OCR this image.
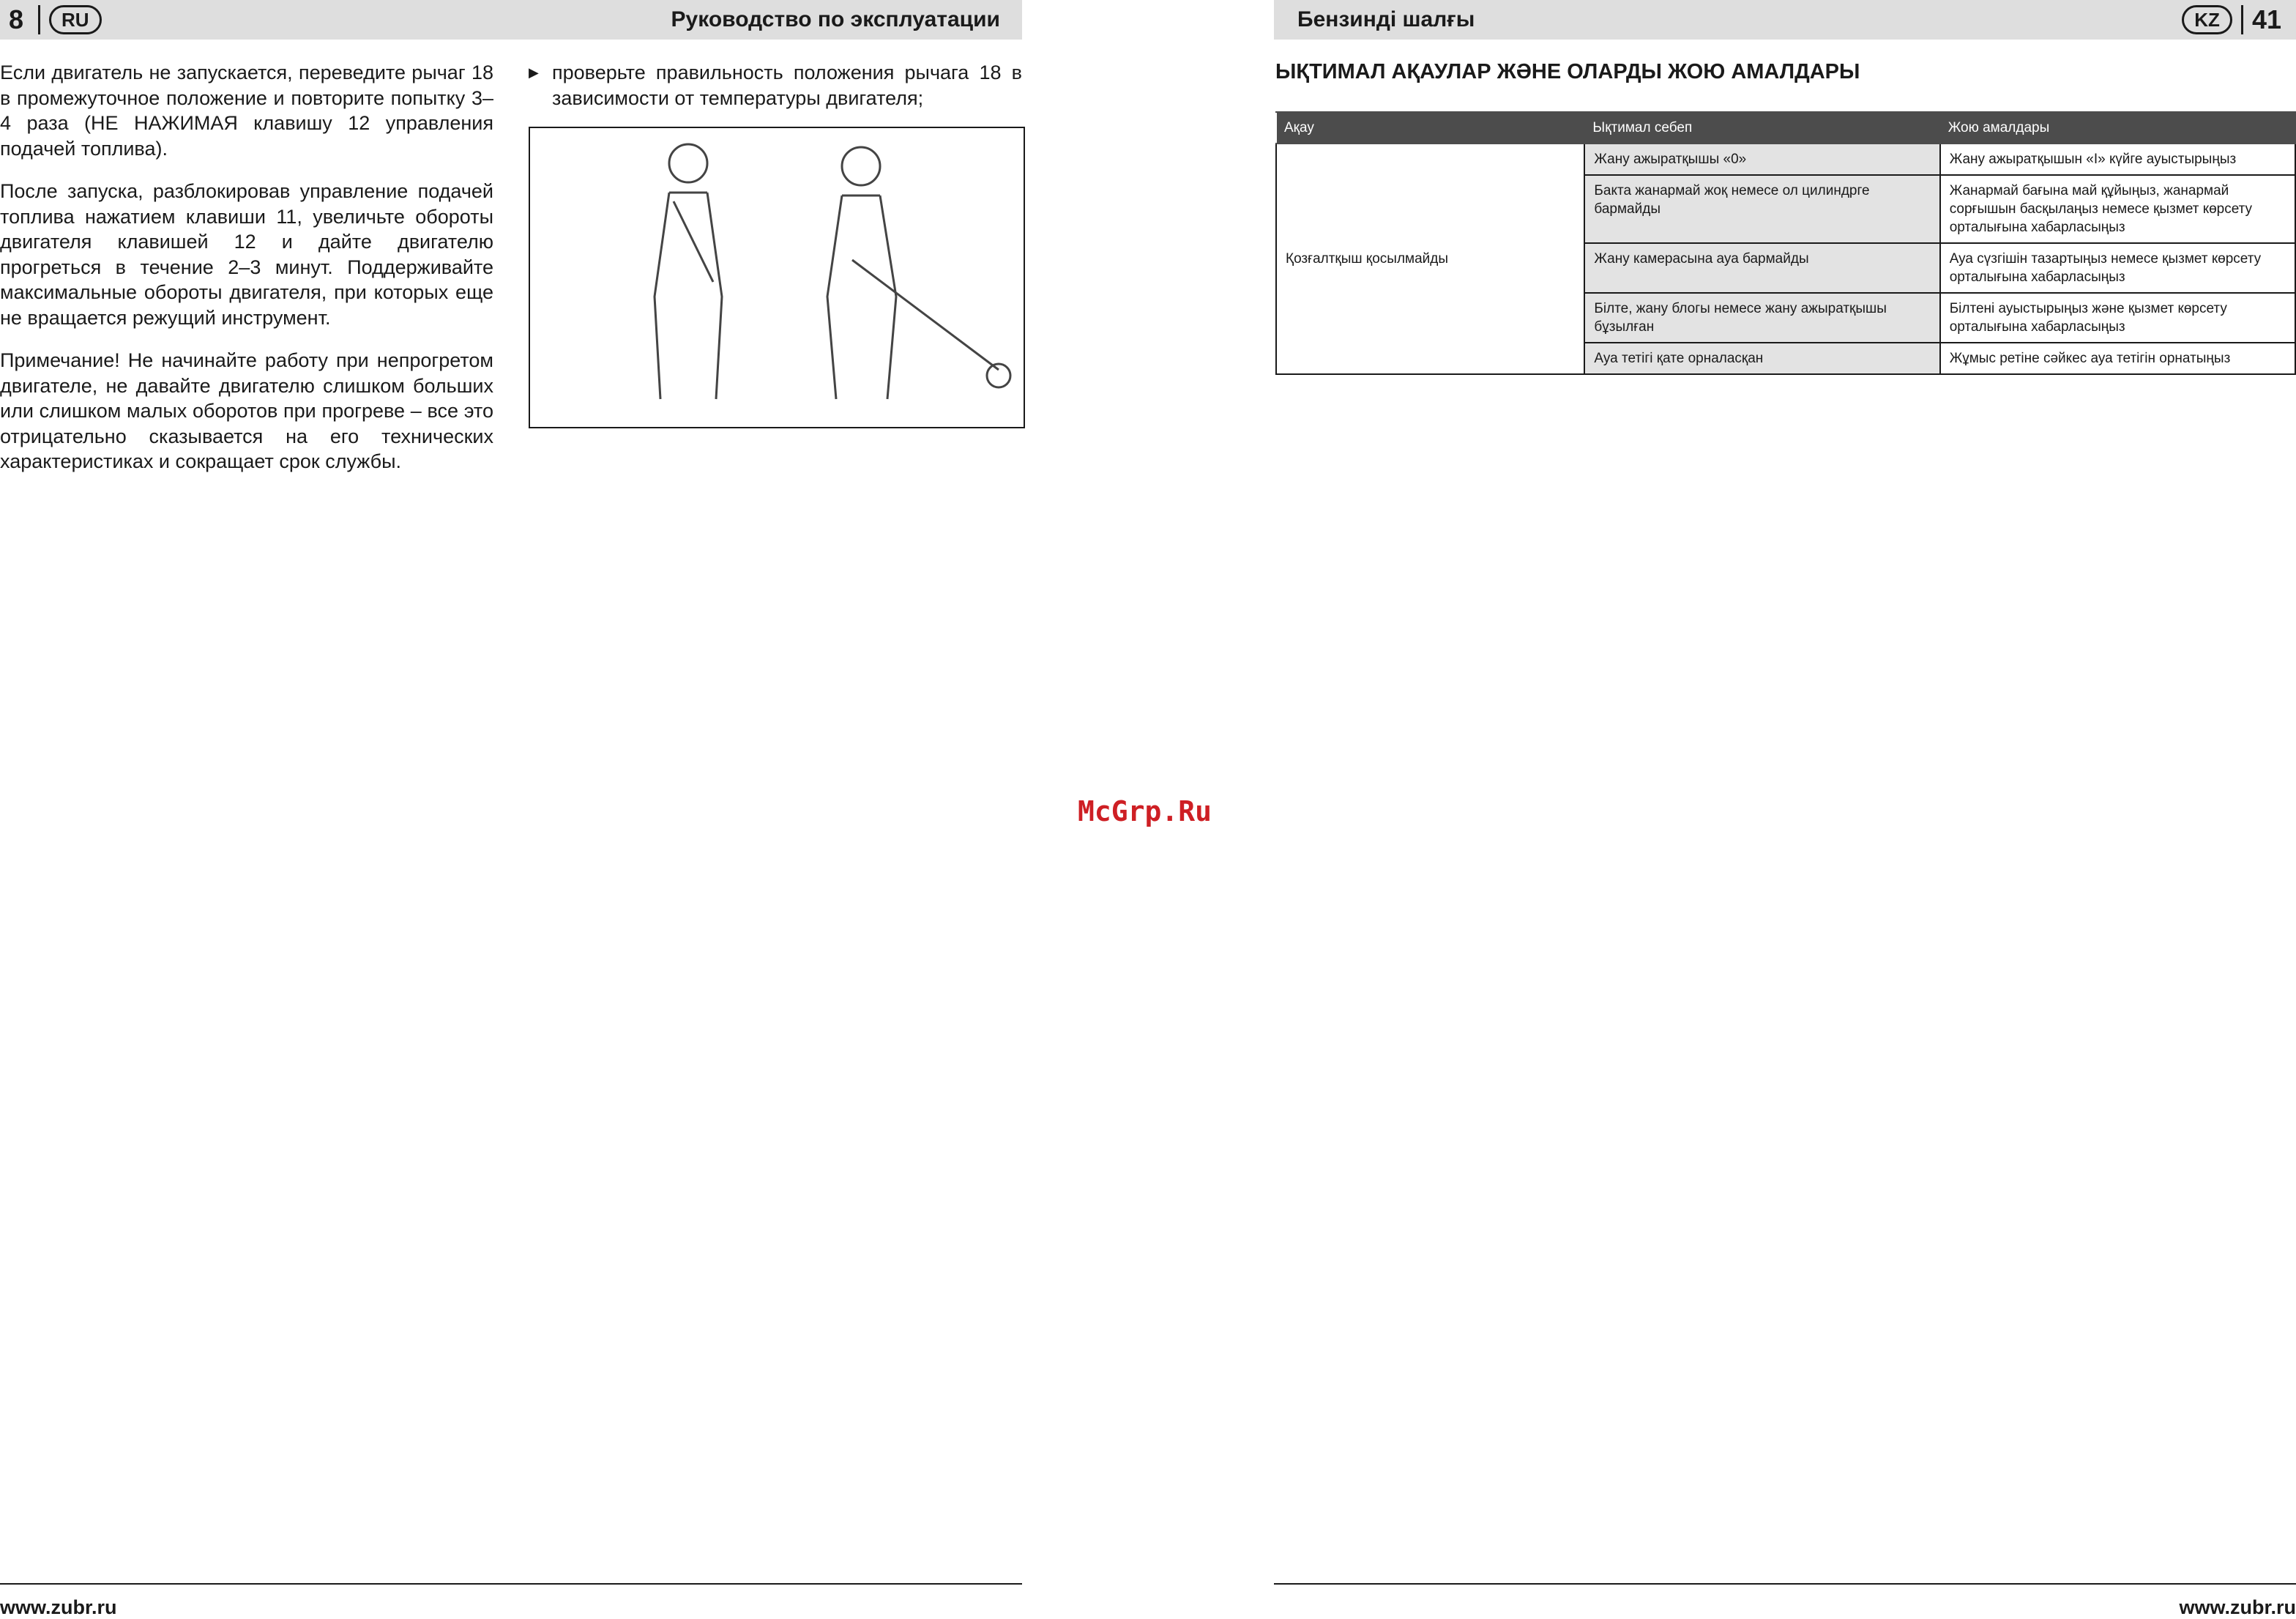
8	RU	Руководство по эксплуатации

Если двигатель не запускается, переведите рычаг 18 в промежуточное положение и повторите попытку 3–4 раза (НЕ НАЖИМАЯ клавишу 12 управления подачей топлива).

После запуска, разблокировав управление подачей топлива нажатием клавиши 11, увеличьте обороты двигателя клавишей 12 и дайте двигателю прогреться в течение 2–3 минут. Поддерживайте максимальные обороты двигателя, при которых еще не вращается режущий инструмент.

Примечание! Не начинайте работу при непрогретом двигателе, не давайте двигателю слишком больших или слишком малых оборотов при прогреве – все это отрицательно сказывается на его технических характеристиках и сокращает срок службы.

▶ проверьте правильность положения рычага 18 в зависимости от температуры двигателя;
www.zubr.ru
McGrp.Ru
Бензинді шалғы	KZ	41
ЫҚТИМАЛ АҚАУЛАР ЖӘНЕ ОЛАРДЫ ЖОЮ АМАЛДАРЫ
Ақау	Ықтимал себеп	Жою амалдары
Қозғалтқыш қосылмайды	Жану ажыратқышы «0»	Жану ажыратқышын «I» күйге ауыстырыңыз
	Бакта жанармай жоқ немесе ол цилиндрге бармайды	Жанармай бағына май құйыңыз, жанармай сорғышын басқылаңыз немесе қызмет көрсету орталығына хабарласыңыз
	Жану камерасына ауа бармайды	Ауа сүзгішін тазартыңыз немесе қызмет көрсету орталығына хабарласыңыз
	Білте, жану блогы немесе жану ажыратқышы бұзылған	Білтені ауыстырыңыз және қызмет көрсету орталығына хабарласыңыз
	Ауа тетігі қате орналасқан	Жұмыс ретіне сәйкес ауа тетігін орнатыңыз
www.zubr.ru
